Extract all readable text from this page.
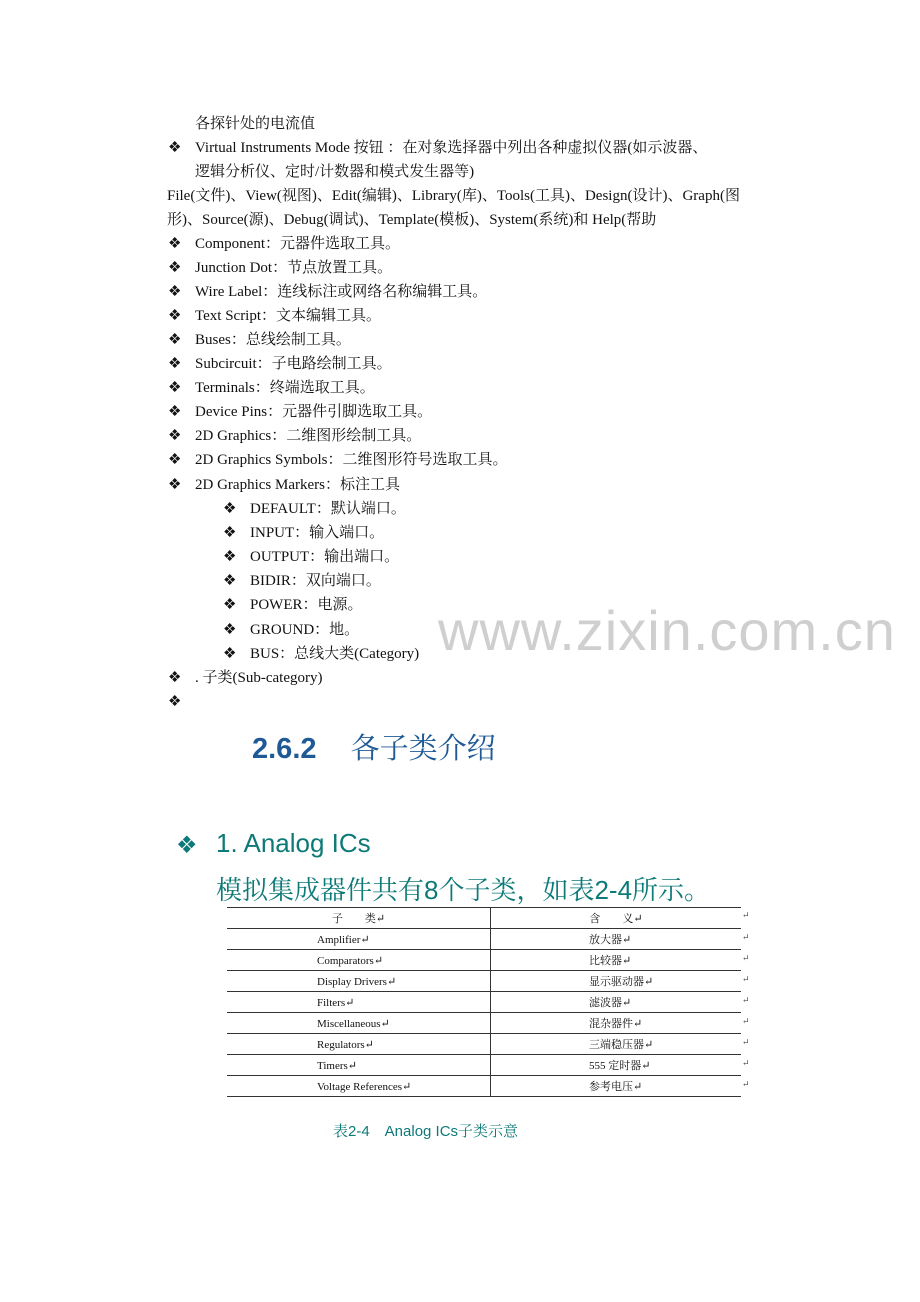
各探针处的电流值
❖ Virtual Instruments Mode 按钮 ：在对象选择器中列出各种虚拟仪器(如示波器、
逻辑分析仪、定时/计数器和模式发生器等)
File(文件)、View(视图)、Edit(编辑)、Library(库)、Tools(工具)、Design(设计)、Graph(图
形)、Source(源)、Debug(调试)、Template(模板)、System(系统)和 Help(帮助
❖ Component：元器件选取工具。
❖ Junction Dot：节点放置工具。
❖ Wire Label：连线标注或网络名称编辑工具。
❖ Text Script：文本编辑工具。
❖ Buses：总线绘制工具。
❖ Subcircuit：子电路绘制工具。
❖ Terminals：终端选取工具。
❖ Device Pins：元器件引脚选取工具。
❖ 2D Graphics：二维图形绘制工具。
❖ 2D Graphics Symbols：二维图形符号选取工具。
❖ 2D Graphics Markers：标注工具
❖ DEFAULT：默认端口。
❖ INPUT：输入端口。
❖ OUTPUT：输出端口。
❖ BIDIR：双向端口。
❖ POWER：电源。
❖ GROUND：地。
❖ BUS：总线大类(Category)
❖ . 子类(Sub-category)
❖
www.zixin.com.cn
2.6.2 各子类介绍
❖ 1. Analog ICs
模拟集成器件共有8个子类，如表2-4所示。
子　　类↵	含　　义↵
Amplifier↵	放大器↵
Comparators↵	比较器↵
Display Drivers↵	显示驱动器↵
Filters↵	滤波器↵
Miscellaneous↵	混杂器件↵
Regulators↵	三端稳压器↵
Timers↵	555 定时器↵
Voltage References↵	参考电压↵
↵
↵
↵
↵
↵
↵
↵
↵
↵
表2-4　Analog ICs子类示意
